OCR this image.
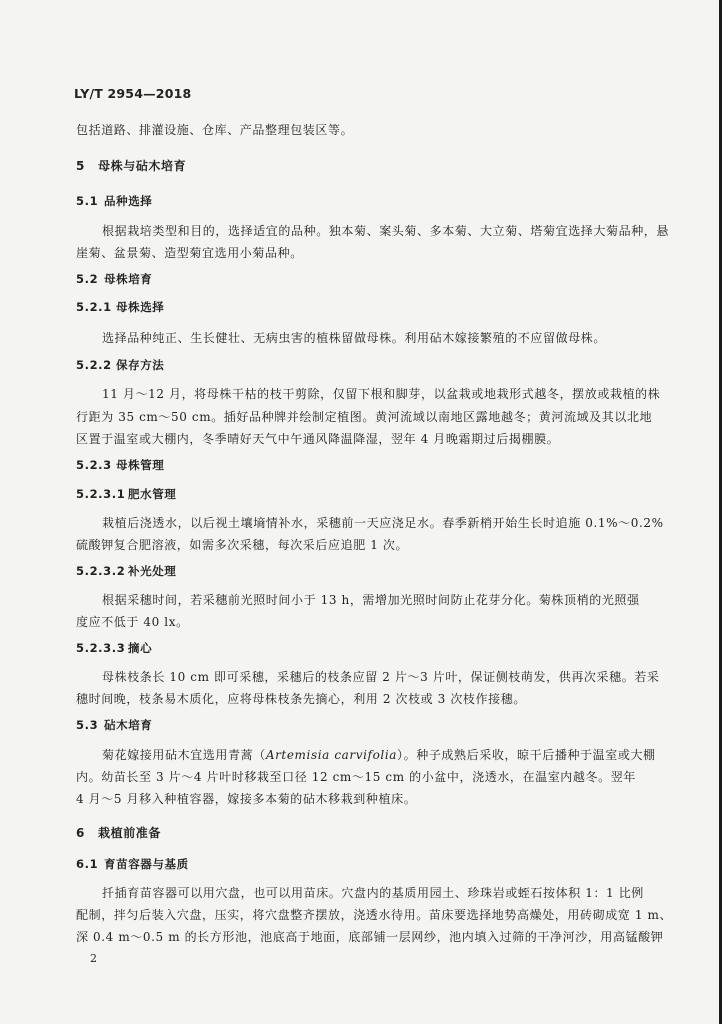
LY/T 2954—2018
包括道路、排灌设施、仓库、产品整理包装区等。
5 母株与砧木培育
5.1 品种选择
根据栽培类型和目的，选择适宜的品种。独本菊、案头菊、多本菊、大立菊、塔菊宜选择大菊品种，悬
崖菊、盆景菊、造型菊宜选用小菊品种。
5.2 母株培育
5.2.1 母株选择
选择品种纯正、生长健壮、无病虫害的植株留做母株。利用砧木嫁接繁殖的不应留做母株。
5.2.2 保存方法
11 月～12 月，将母株干枯的枝干剪除，仅留下根和脚芽，以盆栽或地栽形式越冬，摆放或栽植的株
行距为 35 cm～50 cm。插好品种牌并绘制定植图。黄河流域以南地区露地越冬；黄河流域及其以北地
区置于温室或大棚内，冬季晴好天气中午通风降温降湿，翌年 4 月晚霜期过后揭棚膜。
5.2.3 母株管理
5.2.3.1 肥水管理
栽植后浇透水，以后视土壤墒情补水，采穗前一天应浇足水。春季新梢开始生长时追施 0.1%～0.2%
硫酸钾复合肥溶液，如需多次采穗，每次采后应追肥 1 次。
5.2.3.2 补光处理
根据采穗时间，若采穗前光照时间小于 13 h，需增加光照时间防止花芽分化。菊株顶梢的光照强
度应不低于 40 lx。
5.2.3.3 摘心
母株枝条长 10 cm 即可采穗，采穗后的枝条应留 2 片～3 片叶，保证侧枝萌发，供再次采穗。若采
穗时间晚，枝条易木质化，应将母株枝条先摘心，利用 2 次枝或 3 次枝作接穗。
5.3 砧木培育
菊花嫁接用砧木宜选用青蒿（Artemisia carvifolia）。种子成熟后采收，晾干后播种于温室或大棚
内。幼苗长至 3 片～4 片叶时移栽至口径 12 cm～15 cm 的小盆中，浇透水，在温室内越冬。翌年
4 月～5 月移入种植容器，嫁接多本菊的砧木移栽到种植床。
6 栽植前准备
6.1 育苗容器与基质
扦插育苗容器可以用穴盘，也可以用苗床。穴盘内的基质用园土、珍珠岩或蛭石按体积 1：1 比例
配制，拌匀后装入穴盘，压实，将穴盘整齐摆放，浇透水待用。苗床要选择地势高燥处，用砖砌成宽 1 m、
深 0.4 m～0.5 m 的长方形池，池底高于地面，底部铺一层网纱，池内填入过筛的干净河沙，用高锰酸钾
2
